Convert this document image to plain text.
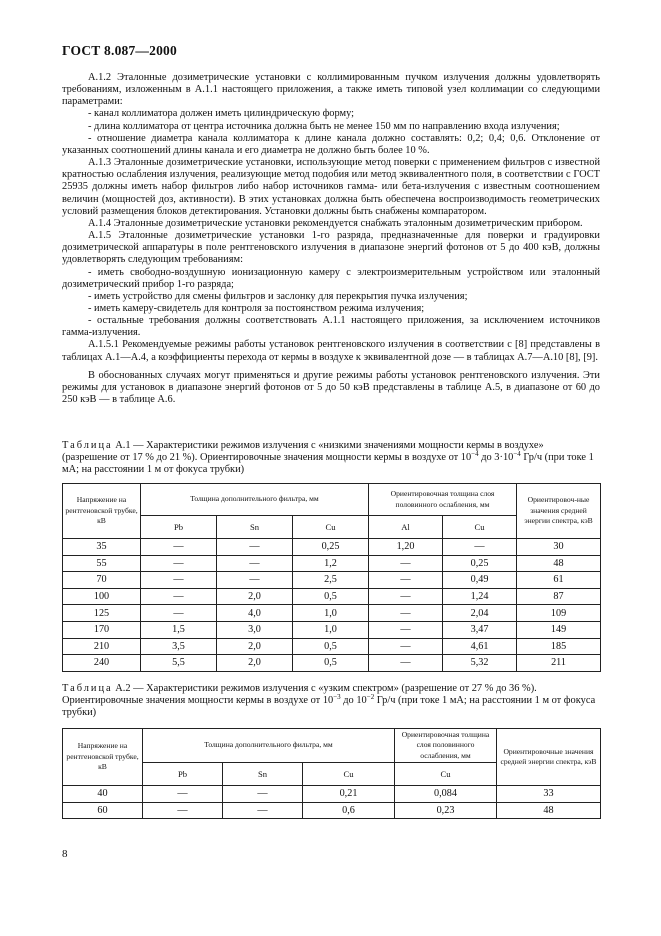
ГОСТ 8.087—2000

А.1.2 Эталонные дозиметрические установки с коллимированным пучком излучения должны удовлетворять требованиям, изложенным в А.1.1 настоящего приложения, а также иметь типовой узел коллимации со следующими параметрами:

- канал коллиматора должен иметь цилиндрическую форму;

- длина коллиматора от центра источника должна быть не менее 150 мм по направлению входа излучения;

- отношение диаметра канала коллиматора к длине канала должно составлять: 0,2; 0,4; 0,6. Отклонение от указанных соотношений длины канала и его диаметра не должно быть более 10 %.

А.1.3 Эталонные дозиметрические установки, использующие метод поверки с применением фильтров с известной кратностью ослабления излучения, реализующие метод подобия или метод эквивалентного поля, в соответствии с ГОСТ 25935 должны иметь набор фильтров либо набор источников гамма- или бета-излучения с известным соотношением величин (мощностей доз, активности). В этих установках должна быть обеспечена воспроизводимость геометрических условий размещения блоков детектирования. Установки должны быть снабжены компаратором.

А.1.4 Эталонные дозиметрические установки рекомендуется снабжать эталонным дозиметрическим прибором.

А.1.5 Эталонные дозиметрические установки 1-го разряда, предназначенные для поверки и градуировки дозиметрической аппаратуры в поле рентгеновского излучения в диапазоне энергий фотонов от 5 до 400 кэВ, должны удовлетворять следующим требованиям:

- иметь свободно-воздушную ионизационную камеру с электроизмерительным устройством или эталонный дозиметрический прибор 1-го разряда;

- иметь устройство для смены фильтров и заслонку для перекрытия пучка излучения;

- иметь камеру-свидетель для контроля за постоянством режима излучения;

- остальные требования должны соответствовать А.1.1 настоящего приложения, за исключением источников гамма-излучения.

А.1.5.1 Рекомендуемые режимы работы установок рентгеновского излучения в соответствии с [8] представлены в таблицах А.1—А.4, а коэффициенты перехода от кермы в воздухе к эквивалентной дозе — в таблицах А.7—А.10 [8], [9].

В обоснованных случаях могут применяться и другие режимы работы установок рентгеновского излучения. Эти режимы для установок в диапазоне энергий фотонов от 5 до 50 кэВ представлены в таблице А.5, в диапазоне от 60 до 250 кэВ — в таблице А.6.

Таблица А.1 — Характеристики режимов излучения с «низкими значениями мощности кермы в воздухе» (разрешение от 17 % до 21 %). Ориентировочные значения мощности кермы в воздухе от $10^{-4}$ до $3\cdot 10^{-4}$ Гр/ч (при токе 1 мА; на расстоянии 1 м от фокуса трубки)
Напряжение на рентгеновской трубке, кВ	Толщина дополнительного фильтра, мм			Ориентировочная толщина слоя половинного ослабления, мм		Ориентировоч-ные значения средней энергии спектра, кэВ
	Pb	Sn	Cu	Al	Cu	
35	—	—	0,25	1,20	—	30
55	—	—	1,2	—	0,25	48
70	—	—	2,5	—	0,49	61
100	—	2,0	0,5	—	1,24	87
125	—	4,0	1,0	—	2,04	109
170	1,5	3,0	1,0	—	3,47	149
210	3,5	2,0	0,5	—	4,61	185
240	5,5	2,0	0,5	—	5,32	211
Таблица А.2 — Характеристики режимов излучения с «узким спектром» (разрешение от 27 % до 36 %). Ориентировочные значения мощности кермы в воздухе от $10^{-3}$ до $10^{-2}$ Гр/ч (при токе 1 мА; на расстоянии 1 м от фокуса трубки)
Напряжение на рентгеновской трубке, кВ	Толщина дополнительного фильтра, мм			Ориентировочная толщина слоя половинного ослабления, мм	Ориентировочные значения средней энергии спектра, кэВ
	Pb	Sn	Cu	Cu	
40	—	—	0,21	0,084	33
60	—	—	0,6	0,23	48
8
